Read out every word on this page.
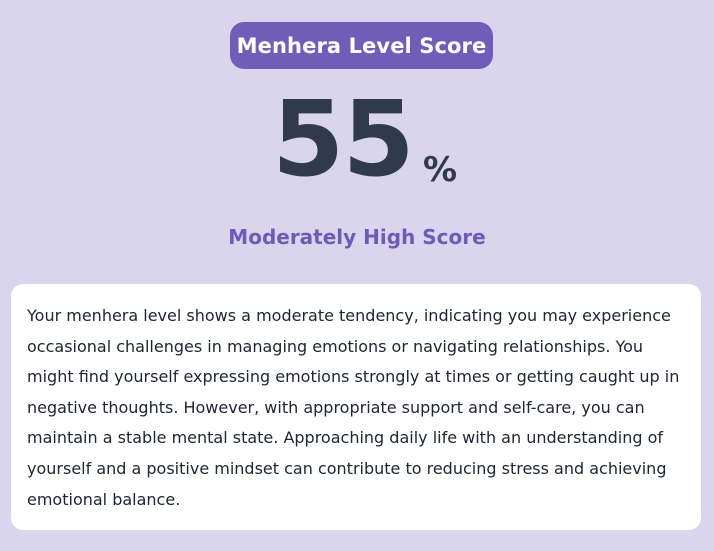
Menhera Level Score
55 %
Moderately High Score

Your menhera level shows a moderate tendency, indicating you may experience occasional challenges in managing emotions or navigating relationships. You might find yourself expressing emotions strongly at times or getting caught up in negative thoughts. However, with appropriate support and self-care, you can maintain a stable mental state. Approaching daily life with an understanding of yourself and a positive mindset can contribute to reducing stress and achieving emotional balance.
